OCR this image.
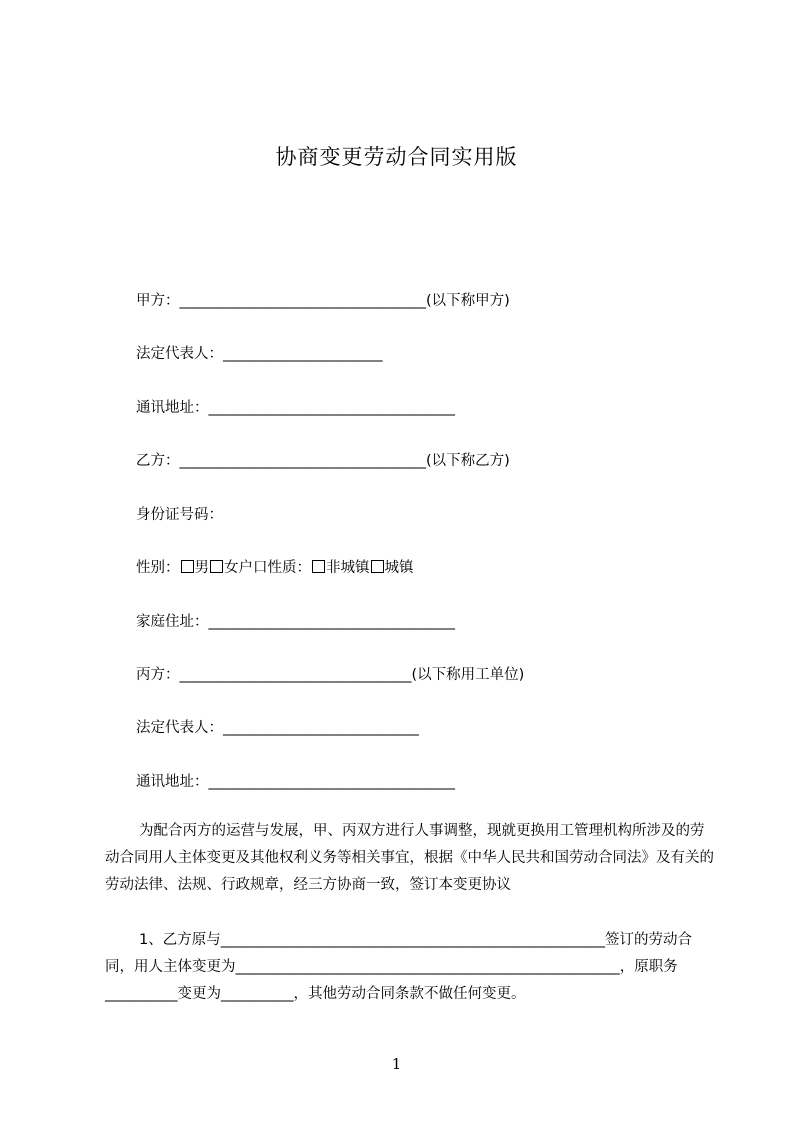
协商变更劳动合同实用版
甲方：__________________________________(以下称甲方)
法定代表人：______________________
通讯地址：__________________________________
乙方：__________________________________(以下称乙方)
身份证号码：
性别： 男 女户口性质： 非城镇 城镇
家庭住址：__________________________________
丙方：________________________________(以下称用工单位)
法定代表人：___________________________
通讯地址：__________________________________

为配合丙方的运营与发展，甲、丙双方进行人事调整，现就更换用工管理机构所涉及的劳动合同用人主体变更及其他权利义务等相关事宜，根据《中华人民共和国劳动合同法》及有关的劳动法律、法规、行政规章，经三方协商一致，签订本变更协议

1、乙方原与_____________________________________________________签订的劳动合同，用人主体变更为_____________________________________________________，原职务__________变更为__________，其他劳动合同条款不做任何变更。

1
